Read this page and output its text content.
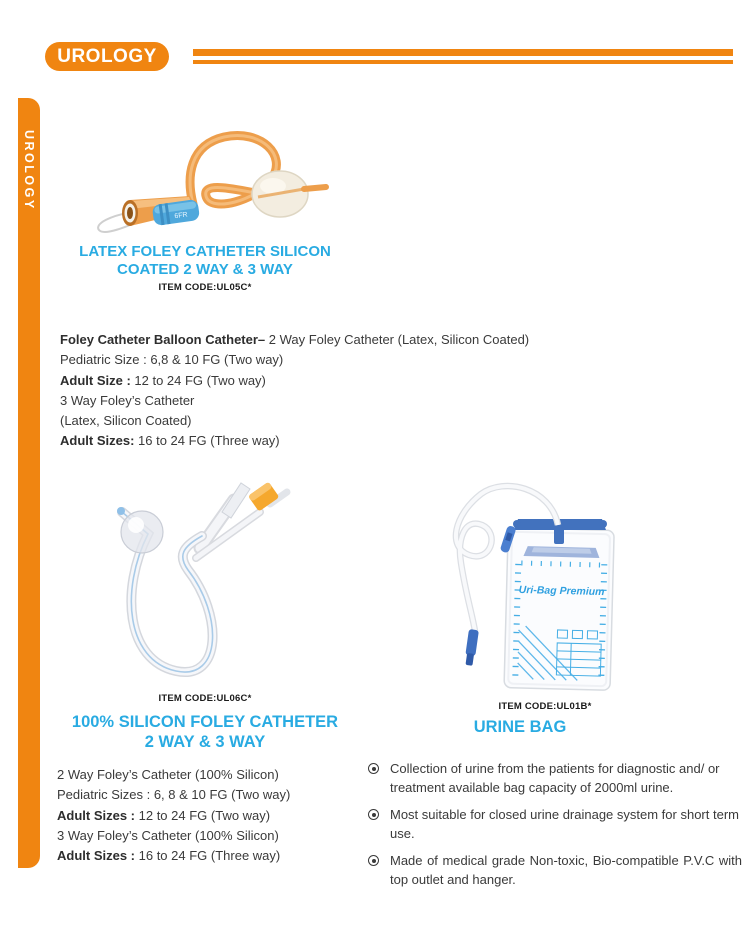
UROLOGY
UROLOGY
6FR
LATEX FOLEY CATHETER SILICON
COATED 2 WAY & 3 WAY
ITEM CODE:UL05C*

Foley Catheter Balloon Catheter– 2 Way Foley Catheter (Latex, Silicon Coated)

Pediatric Size : 6,8 & 10 FG (Two way)

Adult Size : 12 to 24 FG (Two way)

3 Way Foley’s Catheter

(Latex, Silicon Coated)

Adult Sizes: 16 to 24 FG (Three way)

ITEM CODE:UL06C*
100% SILICON FOLEY CATHETER
2 WAY & 3 WAY

2 Way Foley’s Catheter (100% Silicon)

Pediatric Sizes : 6, 8 & 10 FG (Two way)

Adult Sizes : 12 to 24 FG (Two way)

3 Way Foley’s Catheter (100% Silicon)

Adult Sizes : 16 to 24 FG (Three way)

Uri-Bag Premium
ITEM CODE:UL01B*
URINE BAG
Collection of urine from the patients for diagnostic and/ or treatment available bag capacity of 2000ml urine.
Most suitable for closed urine drainage system for short term use.
Made of medical grade Non-toxic, Bio-compatible P.V.C with top outlet and hanger.
